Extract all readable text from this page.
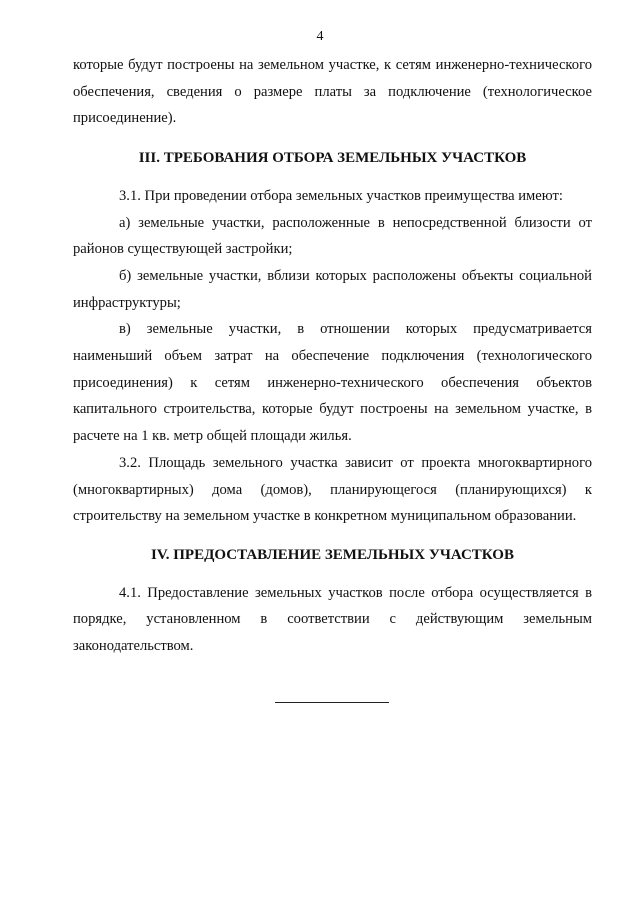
4

которые будут построены на земельном участке, к сетям инженерно-технического обеспечения, сведения о размере платы за подключение (технологическое присоединение).

III. ТРЕБОВАНИЯ ОТБОРА ЗЕМЕЛЬНЫХ УЧАСТКОВ

3.1. При проведении отбора земельных участков преимущества имеют:

а) земельные участки, расположенные в непосредственной близости от районов существующей застройки;

б) земельные участки, вблизи которых расположены объекты социальной инфраструктуры;

в) земельные участки, в отношении которых предусматривается наименьший объем затрат на обеспечение подключения (технологического присоединения) к сетям инженерно-технического обеспечения объектов капитального строительства, которые будут построены на земельном участке, в расчете на 1 кв. метр общей площади жилья.

3.2. Площадь земельного участка зависит от проекта многоквартирного (многоквартирных) дома (домов), планирующегося (планирующихся) к строительству на земельном участке в конкретном муниципальном образовании.

IV. ПРЕДОСТАВЛЕНИЕ ЗЕМЕЛЬНЫХ УЧАСТКОВ

4.1. Предоставление земельных участков после отбора осуществляется в порядке, установленном в соответствии с действующим земельным законодательством.
